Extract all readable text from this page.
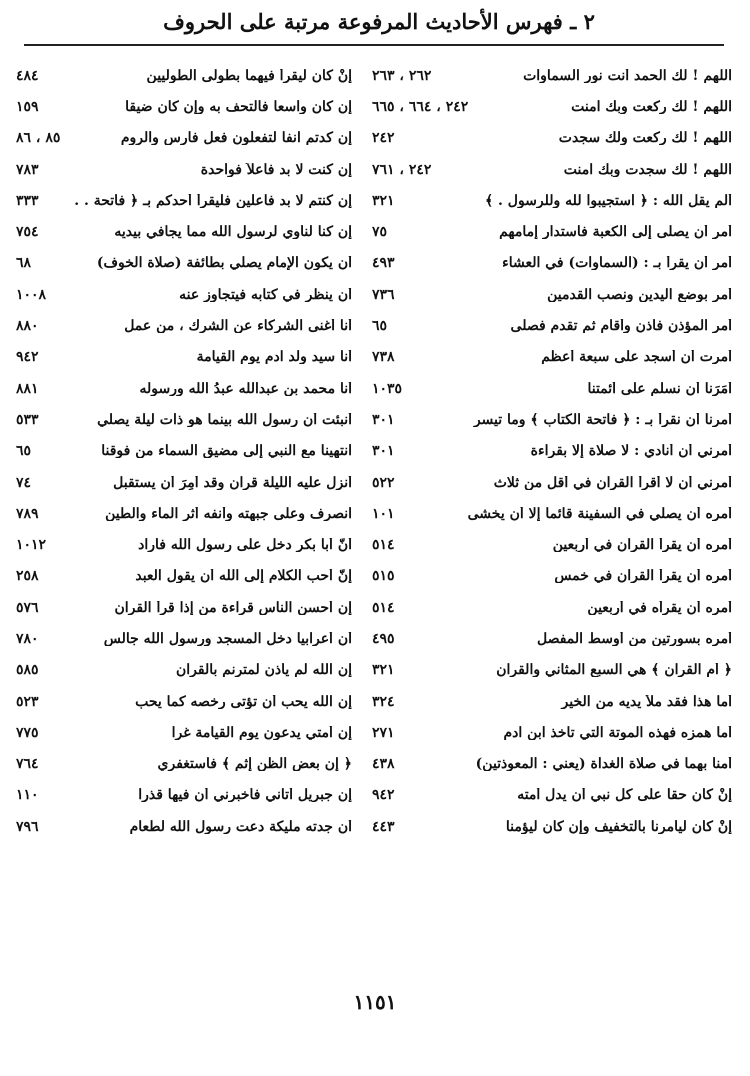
٢ ـ فهرس الأحاديث المرفوعة مرتبة على الحروف
اللهم ! لك الحمد أنت نور السماوات
٢٦٢ ، ٢٦٣
اللهم ! لك ركعت وبك آمنت
٢٤٢ ، ٦٦٤ ، ٦٦٥
اللهم ! لك ركعت ولك سجدت
٢٤٢
اللهم ! لك سجدت وبك آمنت
٢٤٢ ، ٧٦١
ألم يقل الله : ﴿ استجيبوا لله وللرسول . ﴾
٣٢١
أمر أن يصلى إلى الكعبة فاستدار إمامهم
٧٥
أمر أن يقرأ بـ : (السماوات) في العشاء
٤٩٣
أمر بوضع اليدين ونصب القدمين
٧٣٦
أمر المؤذن فأذن وأقام ثم تقدم فصلى
٦٥
أمرت أن أسجد على سبعة أعظم
٧٣٨
أمَرَنا أن نسلم على أئمتنا
١٠٣٥
أمرنا أن نقرأ بـ : ﴿ فاتحة الكتاب ﴾ وما تيسر
٣٠١
أمرني أن أنادي : لا صلاة إلا بقراءة
٣٠١
أمرني أن لا أقرأ القرآن في أقل من ثلاث
٥٢٢
أمره أن يصلي في السفينة قائماً إلا أن يخشى
١٠١
أمره أن يقرأ القرآن في أربعين
٥١٤
أمره أن يقرأ القرآن في خمس
٥١٥
أمره أن يقرأه في أربعين
٥١٤
أمره بسورتين من أوسط المفصل
٤٩٥
﴿ أم القرآن ﴾ هي السبع المثاني والقرآن
٣٢١
أما هذا فقد ملأ يديه من الخير
٣٢٤
أما همزه فهذه الموتة التي تاخذ ابن آدم
٢٧١
أمنا بهما في صلاة الغداة (يعني : المعوذتين)
٤٣٨
إنْ كان حقاً على كل نبي أن يدل أمته
٩٤٢
إنْ كان ليأمرنا بالتخفيف وإن كان ليؤمنا
٤٤٣
إنْ كان لَيقرأ فيهما بطولى الطوليين
٤٨٤
إن كان واسعاً فالتحف به وإن كان ضيقاً
١٥٩
إن كدتم آنفاً لتفعلون فعل فارس والروم
٨٥ ، ٨٦
إن كنت لا بد فاعلاً فواحدة
٧٨٣
إن كنتم لا بد فاعلين فليقرأ أحدكم بـ ﴿ فاتحة . .
٣٣٣
إن كنا لنأوي لرسول الله مما يجافي بيديه
٧٥٤
أن يكون الإمام يصلي بطائفة (صلاة الخوف)
٦٨
أن ينظر في كتابه فيتجاوز عنه
١٠٠٨
أنا أغنى الشركاء عن الشرك ، من عمل
٨٨٠
أنا سيد ولد آدم يوم القيامة
٩٤٢
أنا محمد بن عبدالله عبدُ الله ورسوله
٨٨١
أُنبئت أن رسول الله بينما هو ذات ليلة يصلي
٥٣٣
انتهينا مع النبي إلى مضيق السماء من فوقنا
٦٥
أُنزل عليه الليلة قرآن وقد أُمِرَ أن يستقبل
٧٤
انصرف وعلى جبهته وأنفه أثر الماء والطين
٧٨٩
أنّ أبا بكر دخل على رسول الله فأراد
١٠١٢
إنّ أحب الكلام إلى الله أن يقول العبد
٢٥٨
إن أحسن الناس قراءة من إذا قرأ القرآن
٥٧٦
أن أعرابياً دخل المسجد ورسول الله جالس
٧٨٠
إن الله لم يأذن لمترنم بالقرآن
٥٨٥
إن الله يحب أن تؤتى رخصه كما يحب
٥٢٣
إن أمتي يدعون يوم القيامة غراً
٧٧٥
﴿ إن بعض الظن إثم ﴾ فاستغفري
٧٦٤
إن جبريل أتاني فأخبرني أن فيها قذراً
١١٠
أن جدته مليكة دعت رسول الله لطعام
٧٩٦
١١٥١
